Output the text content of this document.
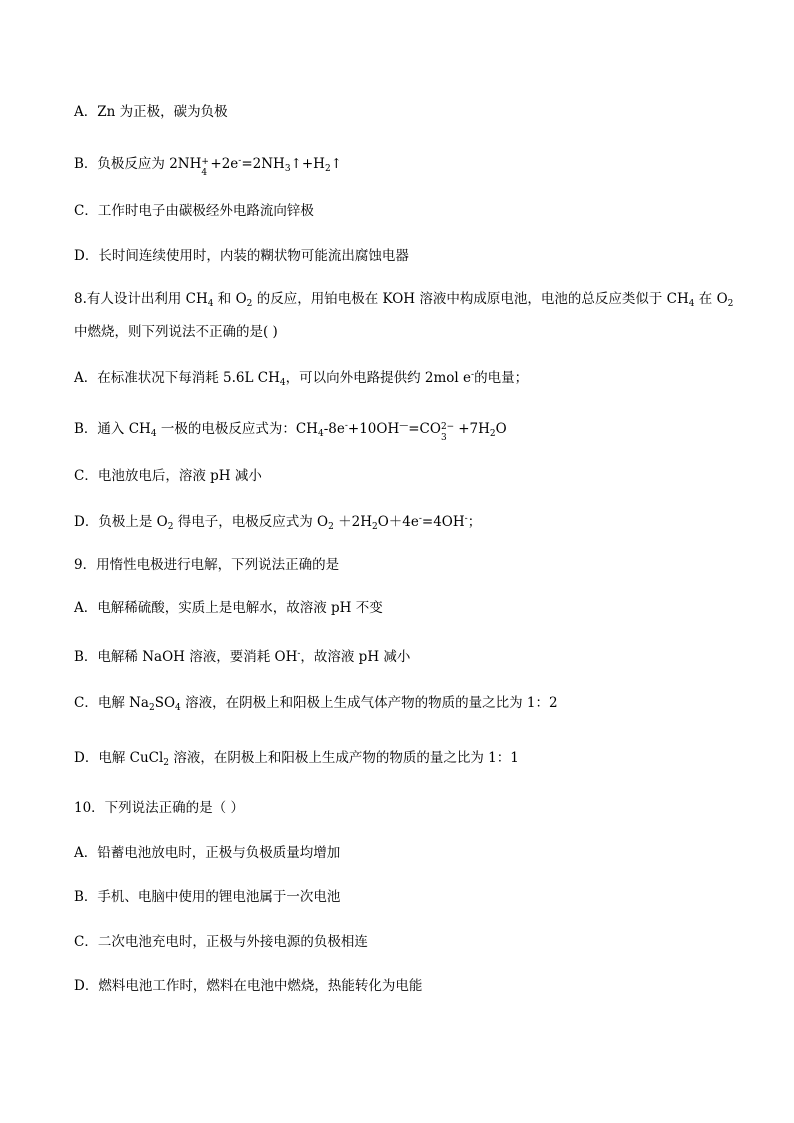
A．Zn 为正极，碳为负极
B．负极反应为 2NH +
4
$+2e^-=2NH_3↑+H_2↑$
C．工作时电子由碳极经外电路流向锌极
D．长时间连续使用时，内装的糊状物可能流出腐蚀电器
8.有人设计出利用 $CH_4$ 和 $O_2$ 的反应，用铂电极在 KOH 溶液中构成原电池，电池的总反应类似于 $CH_4$ 在 $O_2$
中燃烧，则下列说法不正确的是( )
A．在标准状况下每消耗 5.6L $CH_4$，可以向外电路提供约 2mol e-的电量；
B．通入 $CH_4$ 一极的电极反应式为：$CH_4-8e^-+10OH^—=CO$ 2−
3
$+7H_2O$
C．电池放电后，溶液 pH 减小
D．负极上是 $O_2$ 得电子，电极反应式为 $O_2 +2H_2O+4e^-=4OH^-$；
9．用惰性电极进行电解，下列说法正确的是
A．电解稀硫酸，实质上是电解水，故溶液 pH 不变
B．电解稀 NaOH 溶液，要消耗 OH-，故溶液 pH 减小
C．电解 $Na_2SO_4$ 溶液，在阴极上和阳极上生成气体产物的物质的量之比为 1：2
D．电解 CuCl$_2$ 溶液，在阴极上和阳极上生成产物的物质的量之比为 1：1
10．下列说法正确的是（ ）
A．铅蓄电池放电时，正极与负极质量均增加
B．手机、电脑中使用的锂电池属于一次电池
C．二次电池充电时，正极与外接电源的负极相连
D．燃料电池工作时，燃料在电池中燃烧，热能转化为电能
